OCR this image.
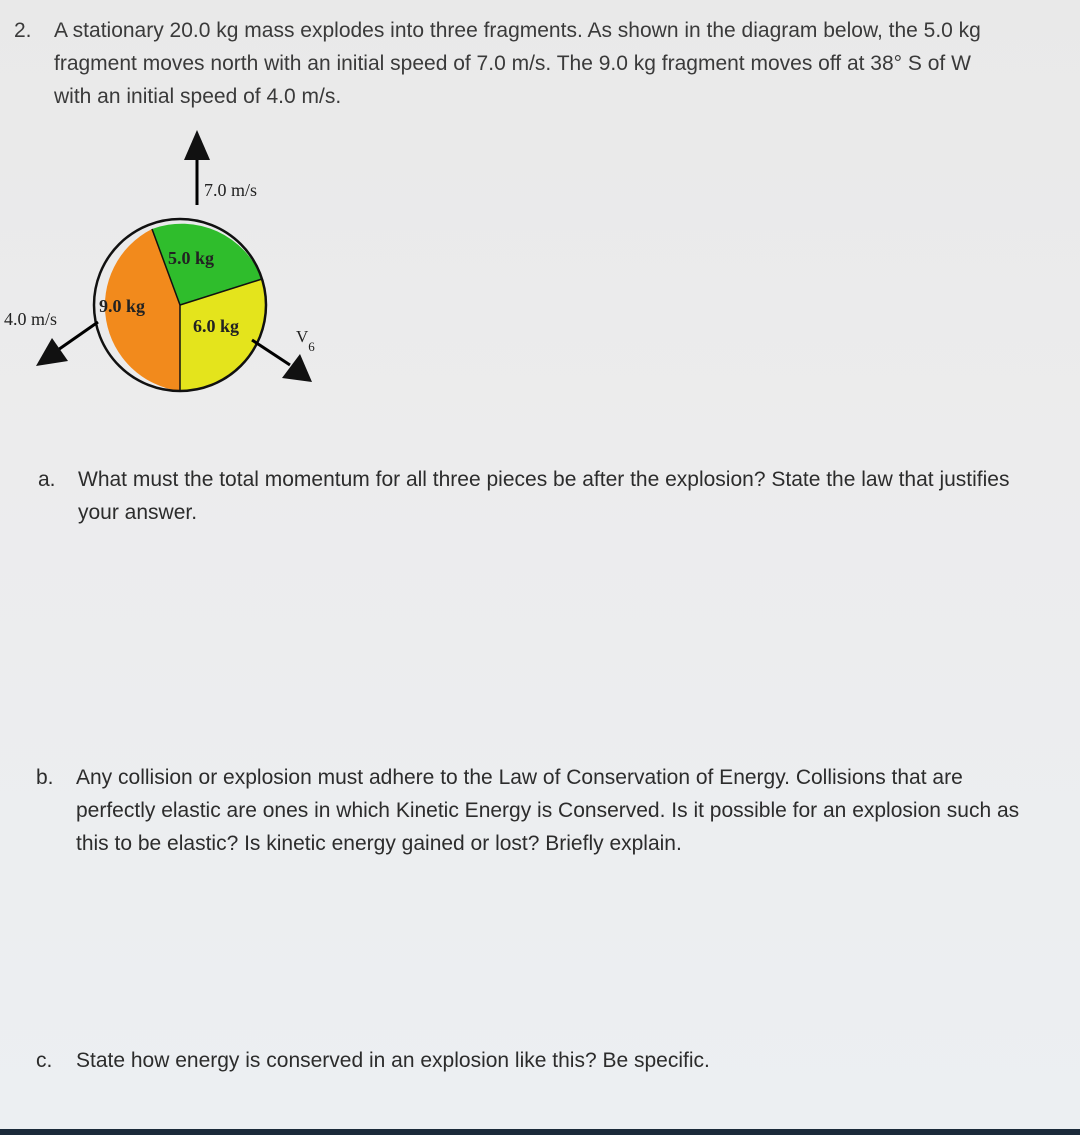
2. A stationary 20.0 kg mass explodes into three fragments. As shown in the diagram below, the 5.0 kg fragment moves north with an initial speed of 7.0 m/s. The 9.0 kg fragment moves off at 38° S of W with an initial speed of 4.0 m/s.
7.0 m/s
5.0 kg
9.0 kg
6.0 kg
4.0 m/s
$V_6$
a. What must the total momentum for all three pieces be after the explosion? State the law that justifies your answer.
b. Any collision or explosion must adhere to the Law of Conservation of Energy. Collisions that are perfectly elastic are ones in which Kinetic Energy is Conserved. Is it possible for an explosion such as this to be elastic? Is kinetic energy gained or lost? Briefly explain.
c. State how energy is conserved in an explosion like this? Be specific.
